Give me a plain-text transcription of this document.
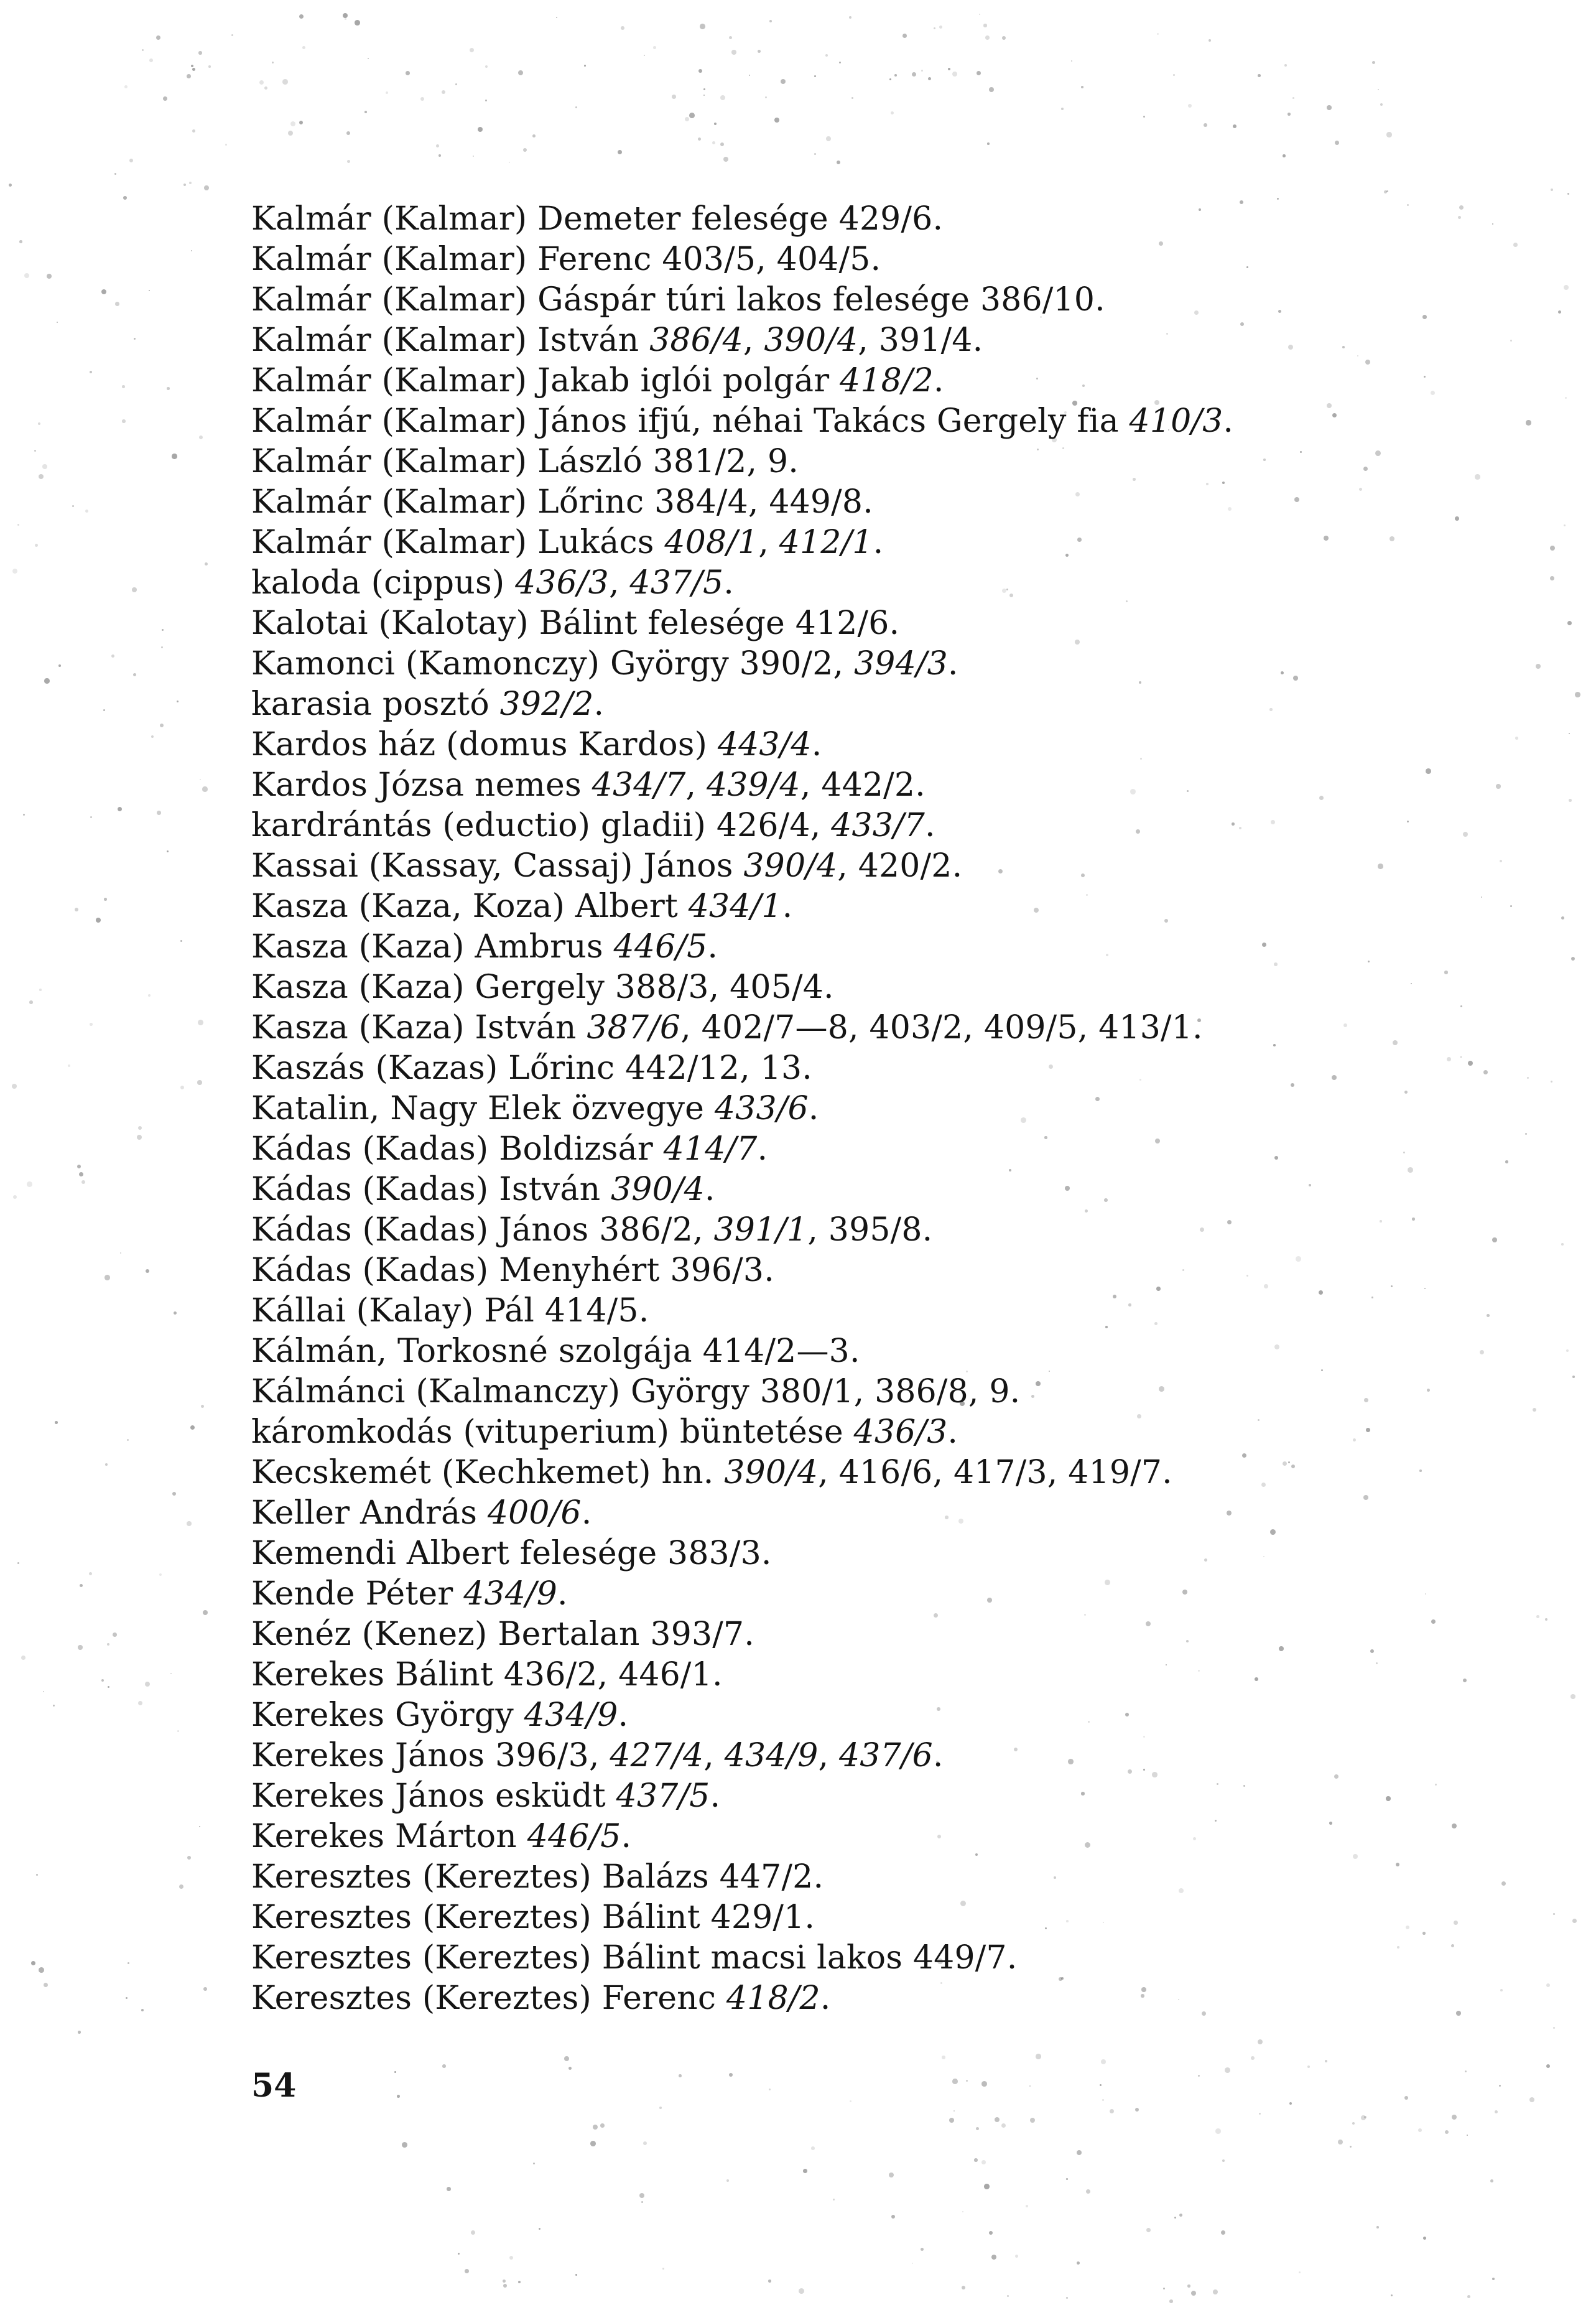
Kalmár (Kalmar) Demeter felesége 429/6.
Kalmár (Kalmar) Ferenc 403/5, 404/5.
Kalmár (Kalmar) Gáspár túri lakos felesége 386/10.
Kalmár (Kalmar) István 386/4, 390/4, 391/4.
Kalmár (Kalmar) Jakab iglói polgár 418/2.
Kalmár (Kalmar) János ifjú, néhai Takács Gergely fia 410/3.
Kalmár (Kalmar) László 381/2, 9.
Kalmár (Kalmar) Lőrinc 384/4, 449/8.
Kalmár (Kalmar) Lukács 408/1, 412/1.
kaloda (cippus) 436/3, 437/5.
Kalotai (Kalotay) Bálint felesége 412/6.
Kamonci (Kamonczy) György 390/2, 394/3.
karasia posztó 392/2.
Kardos ház (domus Kardos) 443/4.
Kardos Józsa nemes 434/7, 439/4, 442/2.
kardrántás (eductio) gladii) 426/4, 433/7.
Kassai (Kassay, Cassaj) János 390/4, 420/2.
Kasza (Kaza, Koza) Albert 434/1.
Kasza (Kaza) Ambrus 446/5.
Kasza (Kaza) Gergely 388/3, 405/4.
Kasza (Kaza) István 387/6, 402/7—8, 403/2, 409/5, 413/1.
Kaszás (Kazas) Lőrinc 442/12, 13.
Katalin, Nagy Elek özvegye 433/6.
Kádas (Kadas) Boldizsár 414/7.
Kádas (Kadas) István 390/4.
Kádas (Kadas) János 386/2, 391/1, 395/8.
Kádas (Kadas) Menyhért 396/3.
Kállai (Kalay) Pál 414/5.
Kálmán, Torkosné szolgája 414/2—3.
Kálmánci (Kalmanczy) György 380/1, 386/8, 9.
káromkodás (vituperium) büntetése 436/3.
Kecskemét (Kechkemet) hn. 390/4, 416/6, 417/3, 419/7.
Keller András 400/6.
Kemendi Albert felesége 383/3.
Kende Péter 434/9.
Kenéz (Kenez) Bertalan 393/7.
Kerekes Bálint 436/2, 446/1.
Kerekes György 434/9.
Kerekes János 396/3, 427/4, 434/9, 437/6.
Kerekes János esküdt 437/5.
Kerekes Márton 446/5.
Keresztes (Kereztes) Balázs 447/2.
Keresztes (Kereztes) Bálint 429/1.
Keresztes (Kereztes) Bálint macsi lakos 449/7.
Keresztes (Kereztes) Ferenc 418/2.
54
